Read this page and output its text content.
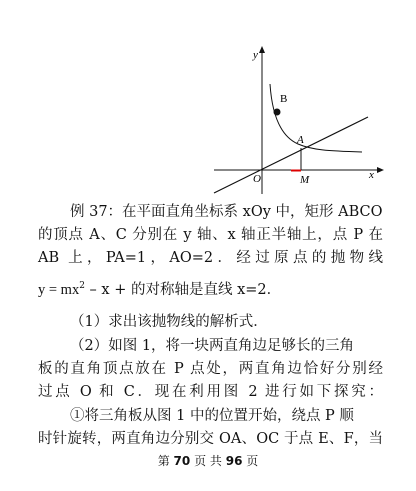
y
x
O
B
A
M
例 37：在平面直角坐标系 xOy 中，矩形 ABCO
的顶点 A、C 分别在 y 轴、x 轴正半轴上，点 P 在
AB 上，PA=1，AO=2．经过原点的抛物线
$y = mx^2 - x$ + 的对称轴是直线 x=2．
（1）求出该抛物线的解析式．
（2）如图 1，将一块两直角边足够长的三角
板的直角顶点放在 P 点处，两直角边恰好分别经
过点 O 和 C．现在利用图 2 进行如下探究：
①将三角板从图 1 中的位置开始，绕点 P 顺
时针旋转，两直角边分别交 OA、OC 于点 E、F，当
第 70 页 共 96 页
